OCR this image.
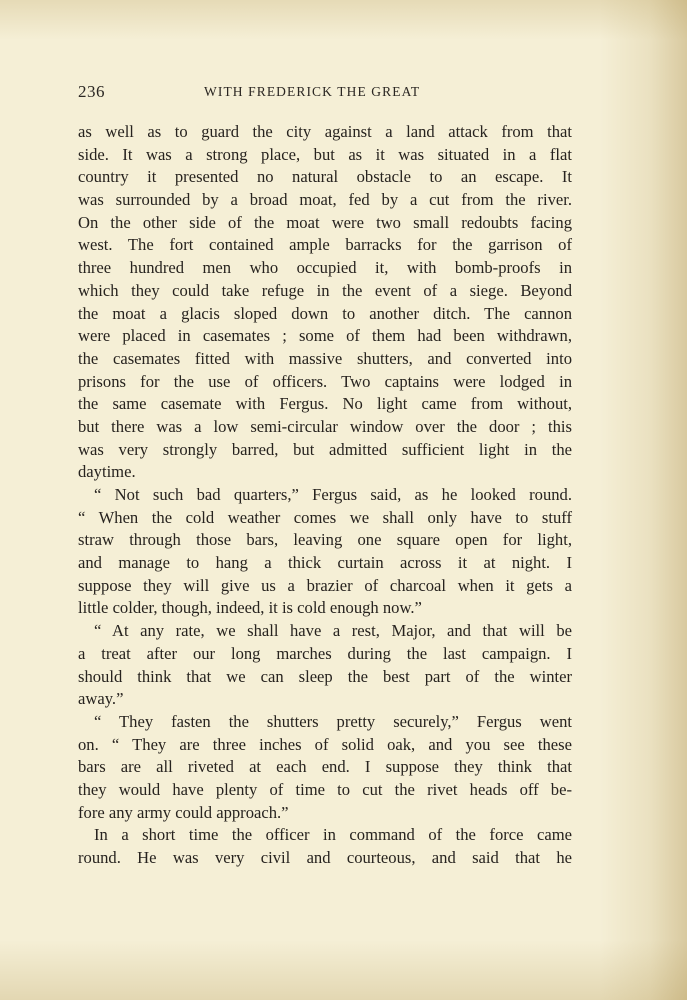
236	WITH FREDERICK THE GREAT
as well as to guard the city against a land attack from that
side. It was a strong place, but as it was situated in a flat
country it presented no natural obstacle to an escape. It
was surrounded by a broad moat, fed by a cut from the river.
On the other side of the moat were two small redoubts facing
west. The fort contained ample barracks for the garrison of
three hundred men who occupied it, with bomb-proofs in
which they could take refuge in the event of a siege. Beyond
the moat a glacis sloped down to another ditch. The cannon
were placed in casemates ; some of them had been withdrawn,
the casemates fitted with massive shutters, and converted into
prisons for the use of officers. Two captains were lodged in
the same casemate with Fergus. No light came from without,
but there was a low semi-circular window over the door ; this
was very strongly barred, but admitted sufficient light in the
daytime.
“ Not such bad quarters,” Fergus said, as he looked round.
“ When the cold weather comes we shall only have to stuff
straw through those bars, leaving one square open for light,
and manage to hang a thick curtain across it at night. I
suppose they will give us a brazier of charcoal when it gets a
little colder, though, indeed, it is cold enough now.”
“ At any rate, we shall have a rest, Major, and that will be
a treat after our long marches during the last campaign. I
should think that we can sleep the best part of the winter
away.”
“ They fasten the shutters pretty securely,” Fergus went
on. “ They are three inches of solid oak, and you see these
bars are all riveted at each end. I suppose they think that
they would have plenty of time to cut the rivet heads off be-
fore any army could approach.”
In a short time the officer in command of the force came
round. He was very civil and courteous, and said that he
